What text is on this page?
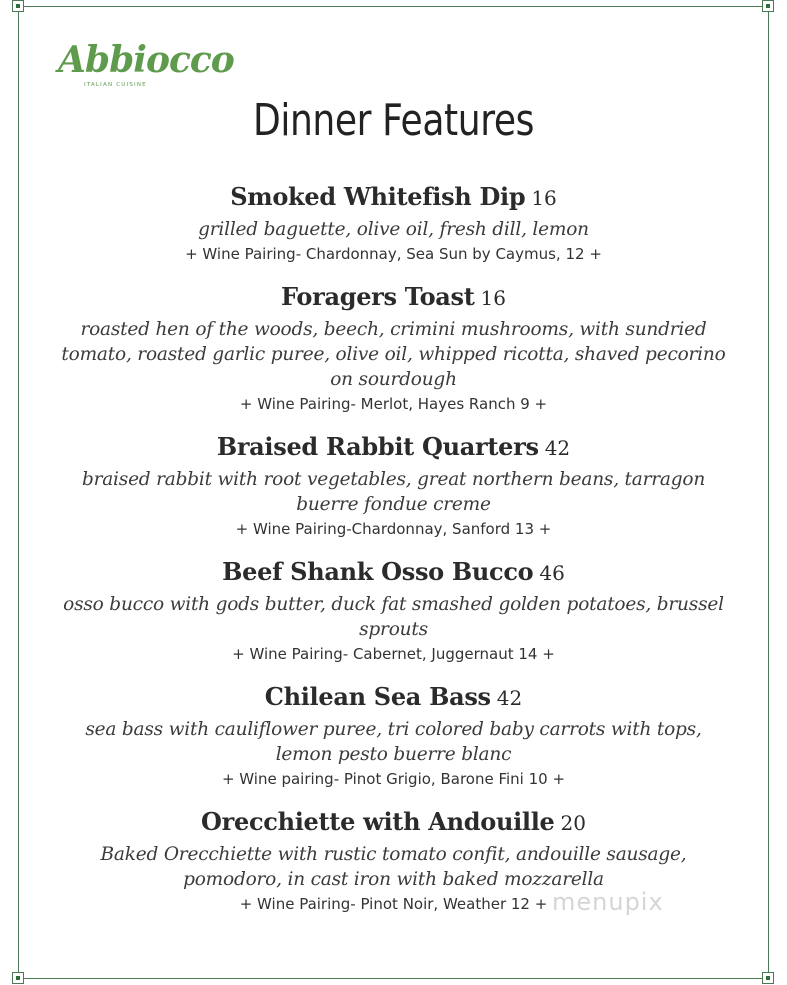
Abbiocco
ITALIAN CUISINE
Dinner Features
Smoked Whitefish Dip 16
grilled baguette, olive oil, fresh dill, lemon
+ Wine Pairing- Chardonnay, Sea Sun by Caymus, 12 +
Foragers Toast 16
roasted hen of the woods, beech, crimini mushrooms, with sundried tomato, roasted garlic puree, olive oil, whipped ricotta, shaved pecorino on sourdough
+ Wine Pairing- Merlot, Hayes Ranch 9 +
Braised Rabbit Quarters 42
braised rabbit with root vegetables, great northern beans, tarragon buerre fondue creme
+ Wine Pairing-Chardonnay, Sanford 13 +
Beef Shank Osso Bucco 46
osso bucco with gods butter, duck fat smashed golden potatoes, brussel sprouts
+ Wine Pairing- Cabernet, Juggernaut 14 +
Chilean Sea Bass 42
sea bass with cauliflower puree, tri colored baby carrots with tops, lemon pesto buerre blanc
+ Wine pairing- Pinot Grigio, Barone Fini 10 +
Orecchiette with Andouille 20
Baked Orecchiette with rustic tomato confit, andouille sausage, pomodoro, in cast iron with baked mozzarella
+ Wine Pairing- Pinot Noir, Weather 12 + menupix
